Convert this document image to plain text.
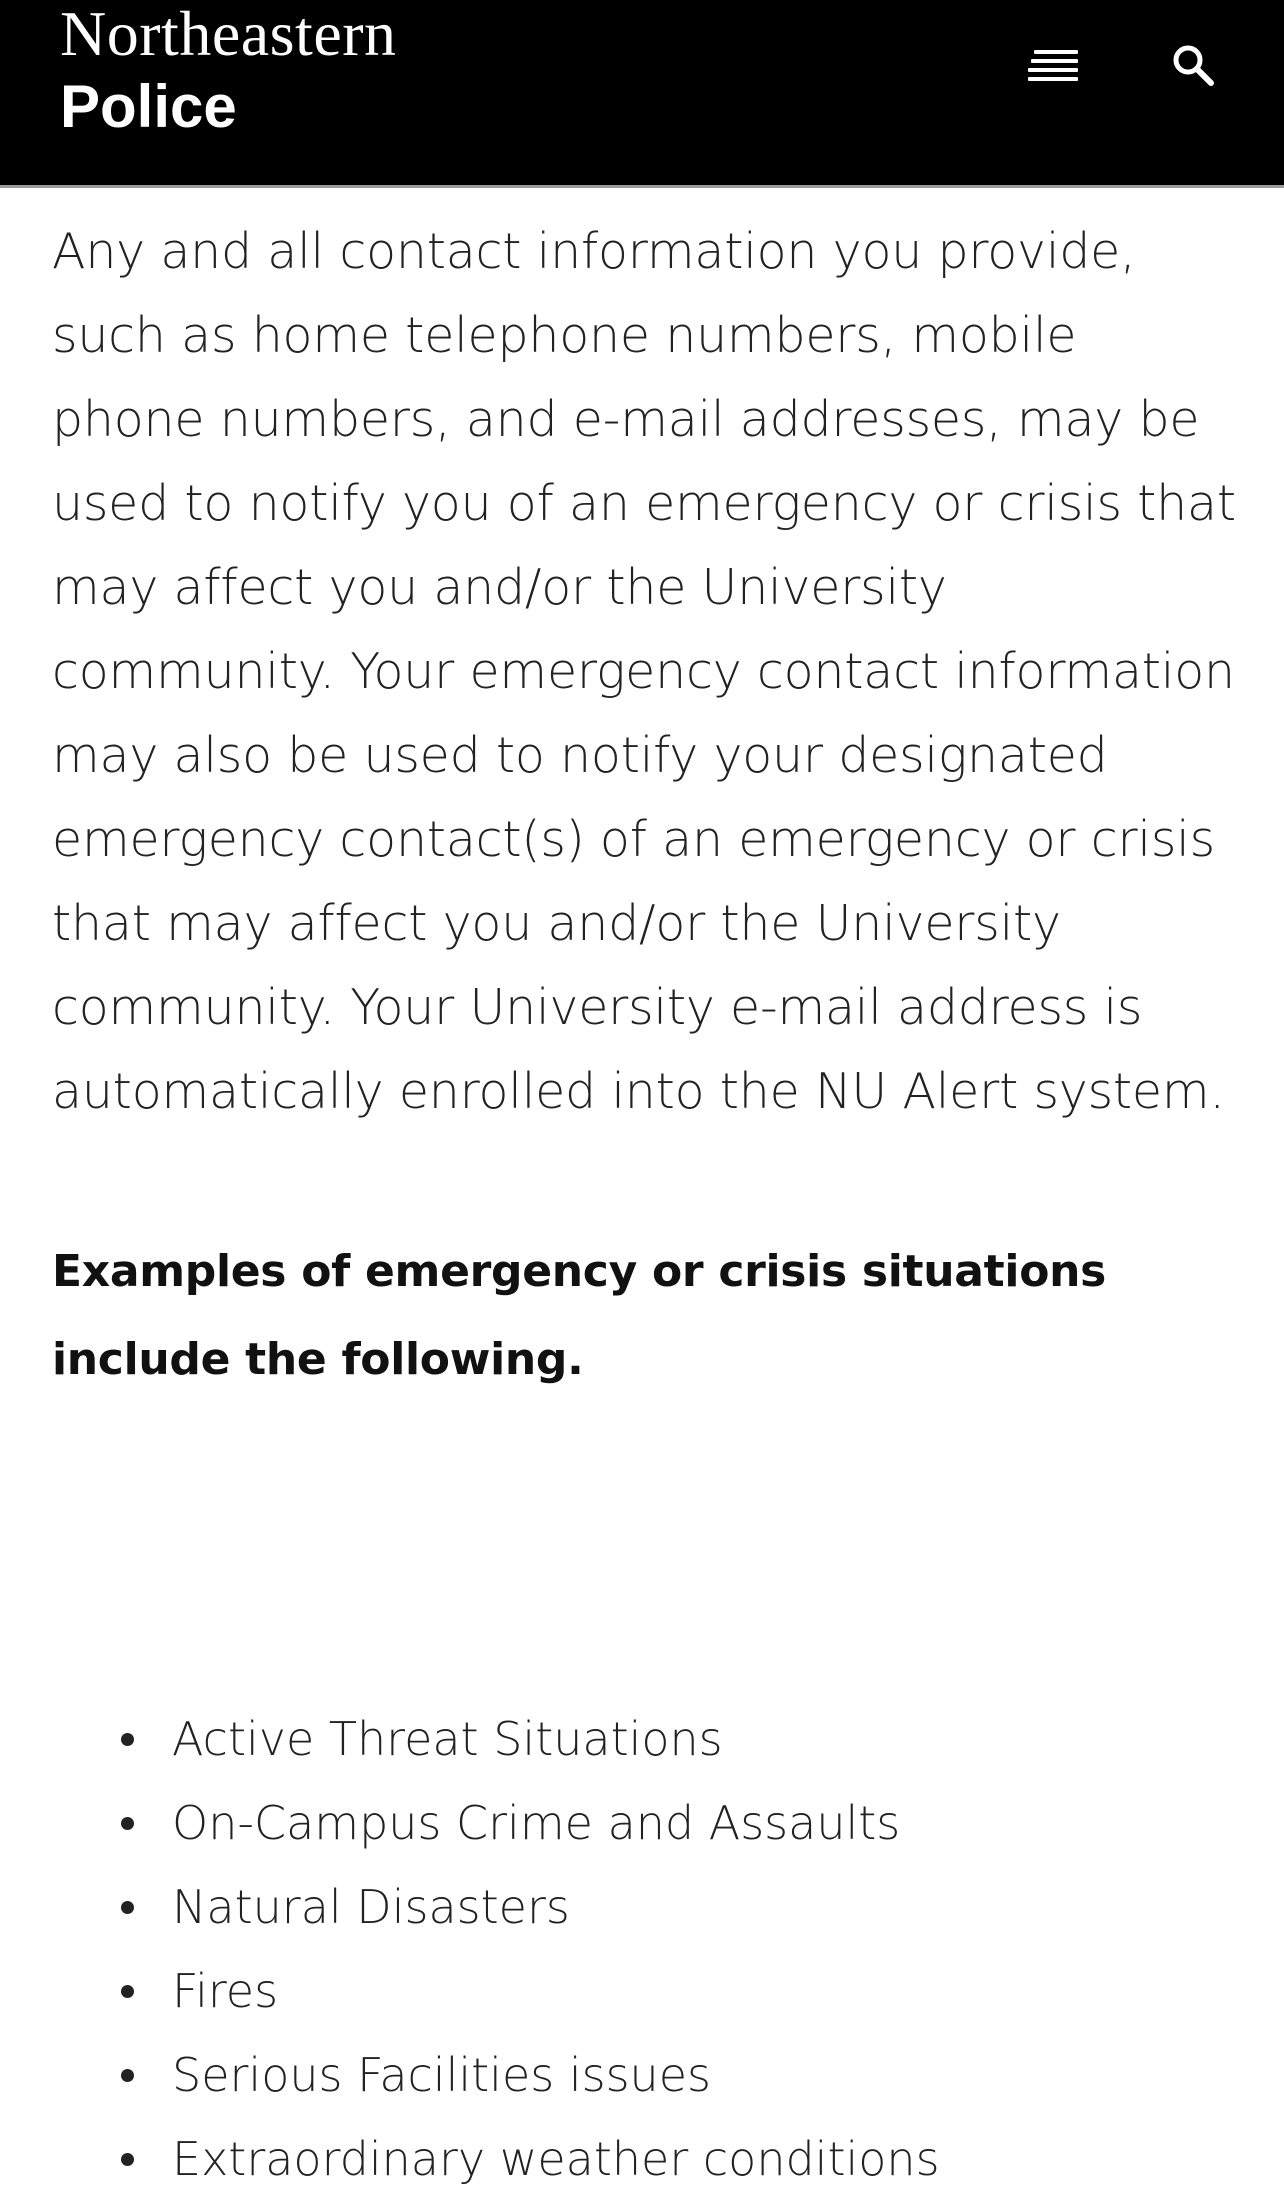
Northeastern
Police

Any and all contact information you provide, such as home telephone numbers, mobile phone numbers, and e-mail addresses, may be used to notify you of an emergency or crisis that may affect you and/or the University community. Your emergency contact information may also be used to notify your designated emergency contact(s) of an emergency or crisis that may affect you and/or the University community. Your University e-mail address is automatically enrolled into the NU Alert system.

Examples of emergency or crisis situations include the following.
Active Threat Situations
On-Campus Crime and Assaults
Natural Disasters
Fires
Serious Facilities issues
Extraordinary weather conditions
